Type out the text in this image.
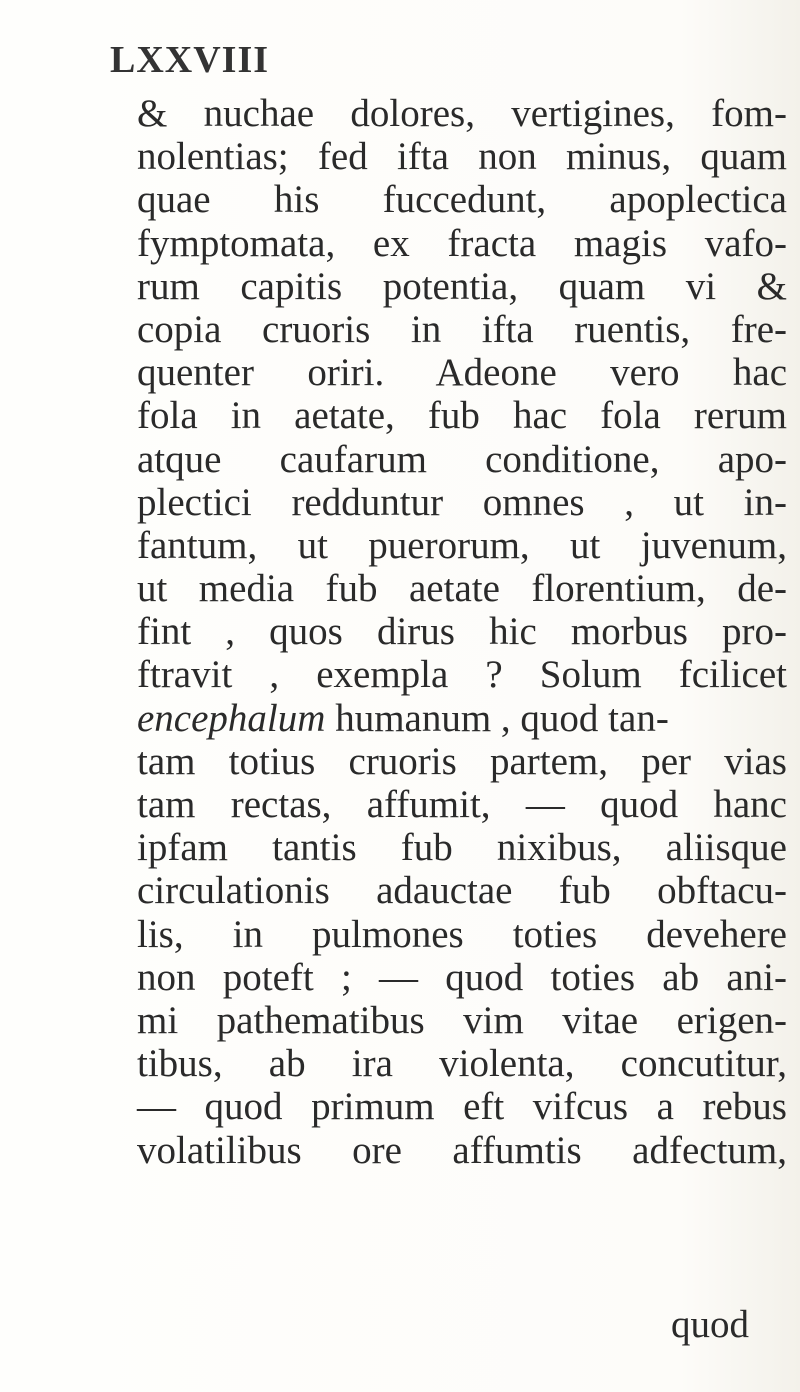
LXXVIII
& nuchae dolores, vertigines, fom-
nolentias; fed ifta non minus, quam
quae his fuccedunt, apoplectica
fymptomata, ex fracta magis vafo-
rum capitis potentia, quam vi &
copia cruoris in ifta ruentis, fre-
quenter oriri. Adeone vero hac
fola in aetate, fub hac fola rerum
atque caufarum conditione, apo-
plectici redduntur omnes , ut in-
fantum, ut puerorum, ut juvenum,
ut media fub aetate florentium, de-
fint , quos dirus hic morbus pro-
ftravit , exempla ? Solum fcilicet
encephalum humanum , quod tan-
tam totius cruoris partem, per vias
tam rectas, affumit, — quod hanc
ipfam tantis fub nixibus, aliisque
circulationis adauctae fub obftacu-
lis, in pulmones toties devehere
non poteft ; — quod toties ab ani-
mi pathematibus vim vitae erigen-
tibus, ab ira violenta, concutitur,
— quod primum eft vifcus a rebus
volatilibus ore affumtis adfectum,
quod
